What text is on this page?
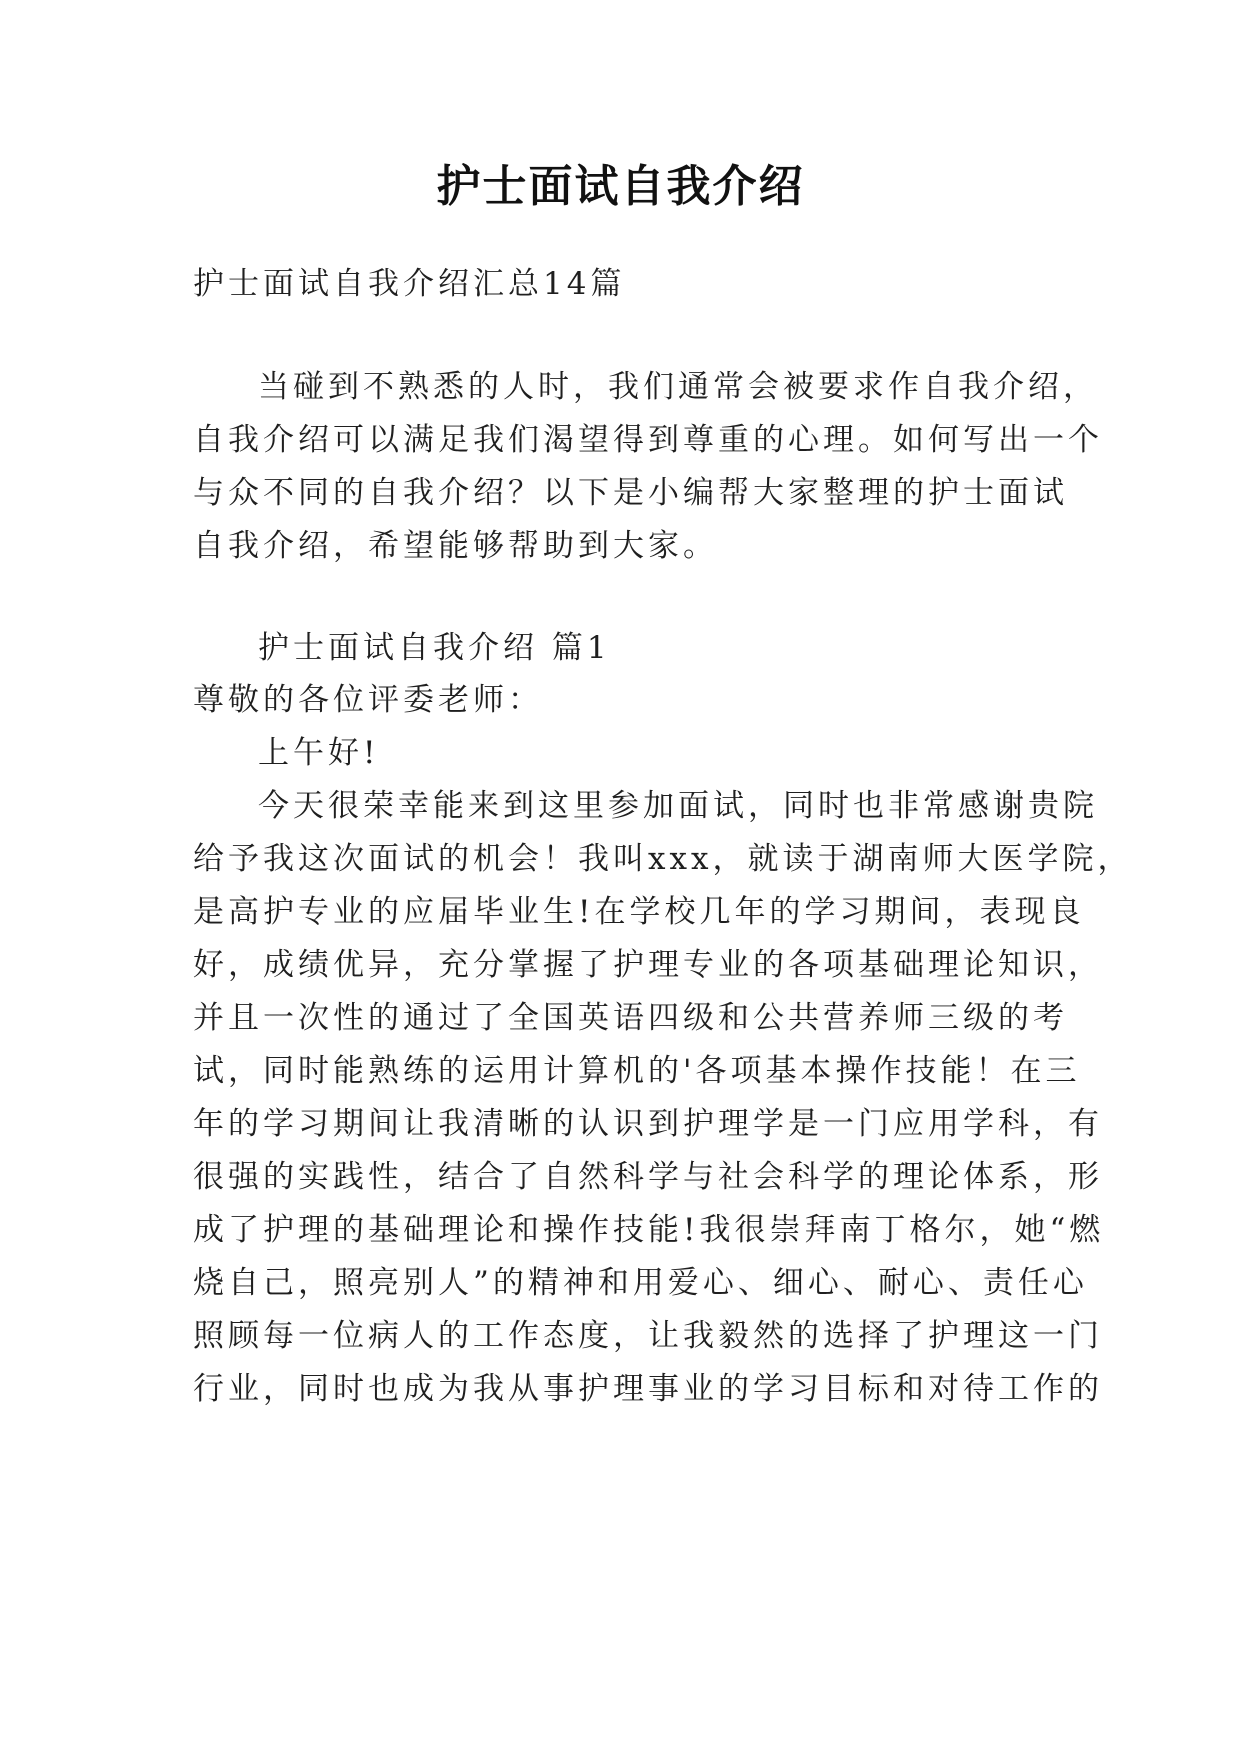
护士面试自我介绍
护士面试自我介绍汇总14篇
当碰到不熟悉的人时，我们通常会被要求作自我介绍，
自我介绍可以满足我们渴望得到尊重的心理。如何写出一个
与众不同的自我介绍？以下是小编帮大家整理的护士面试
自我介绍，希望能够帮助到大家。
护士面试自我介绍 篇1
尊敬的各位评委老师：
上午好!
今天很荣幸能来到这里参加面试，同时也非常感谢贵院
给予我这次面试的机会！我叫xxx，就读于湖南师大医学院，
是高护专业的应届毕业生!在学校几年的学习期间，表现良
好，成绩优异，充分掌握了护理专业的各项基础理论知识，
并且一次性的通过了全国英语四级和公共营养师三级的考
试，同时能熟练的运用计算机的'各项基本操作技能！在三
年的学习期间让我清晰的认识到护理学是一门应用学科，有
很强的实践性，结合了自然科学与社会科学的理论体系，形
成了护理的基础理论和操作技能!我很崇拜南丁格尔，她“燃
烧自己，照亮别人”的精神和用爱心、细心、耐心、责任心
照顾每一位病人的工作态度，让我毅然的选择了护理这一门
行业，同时也成为我从事护理事业的学习目标和对待工作的
